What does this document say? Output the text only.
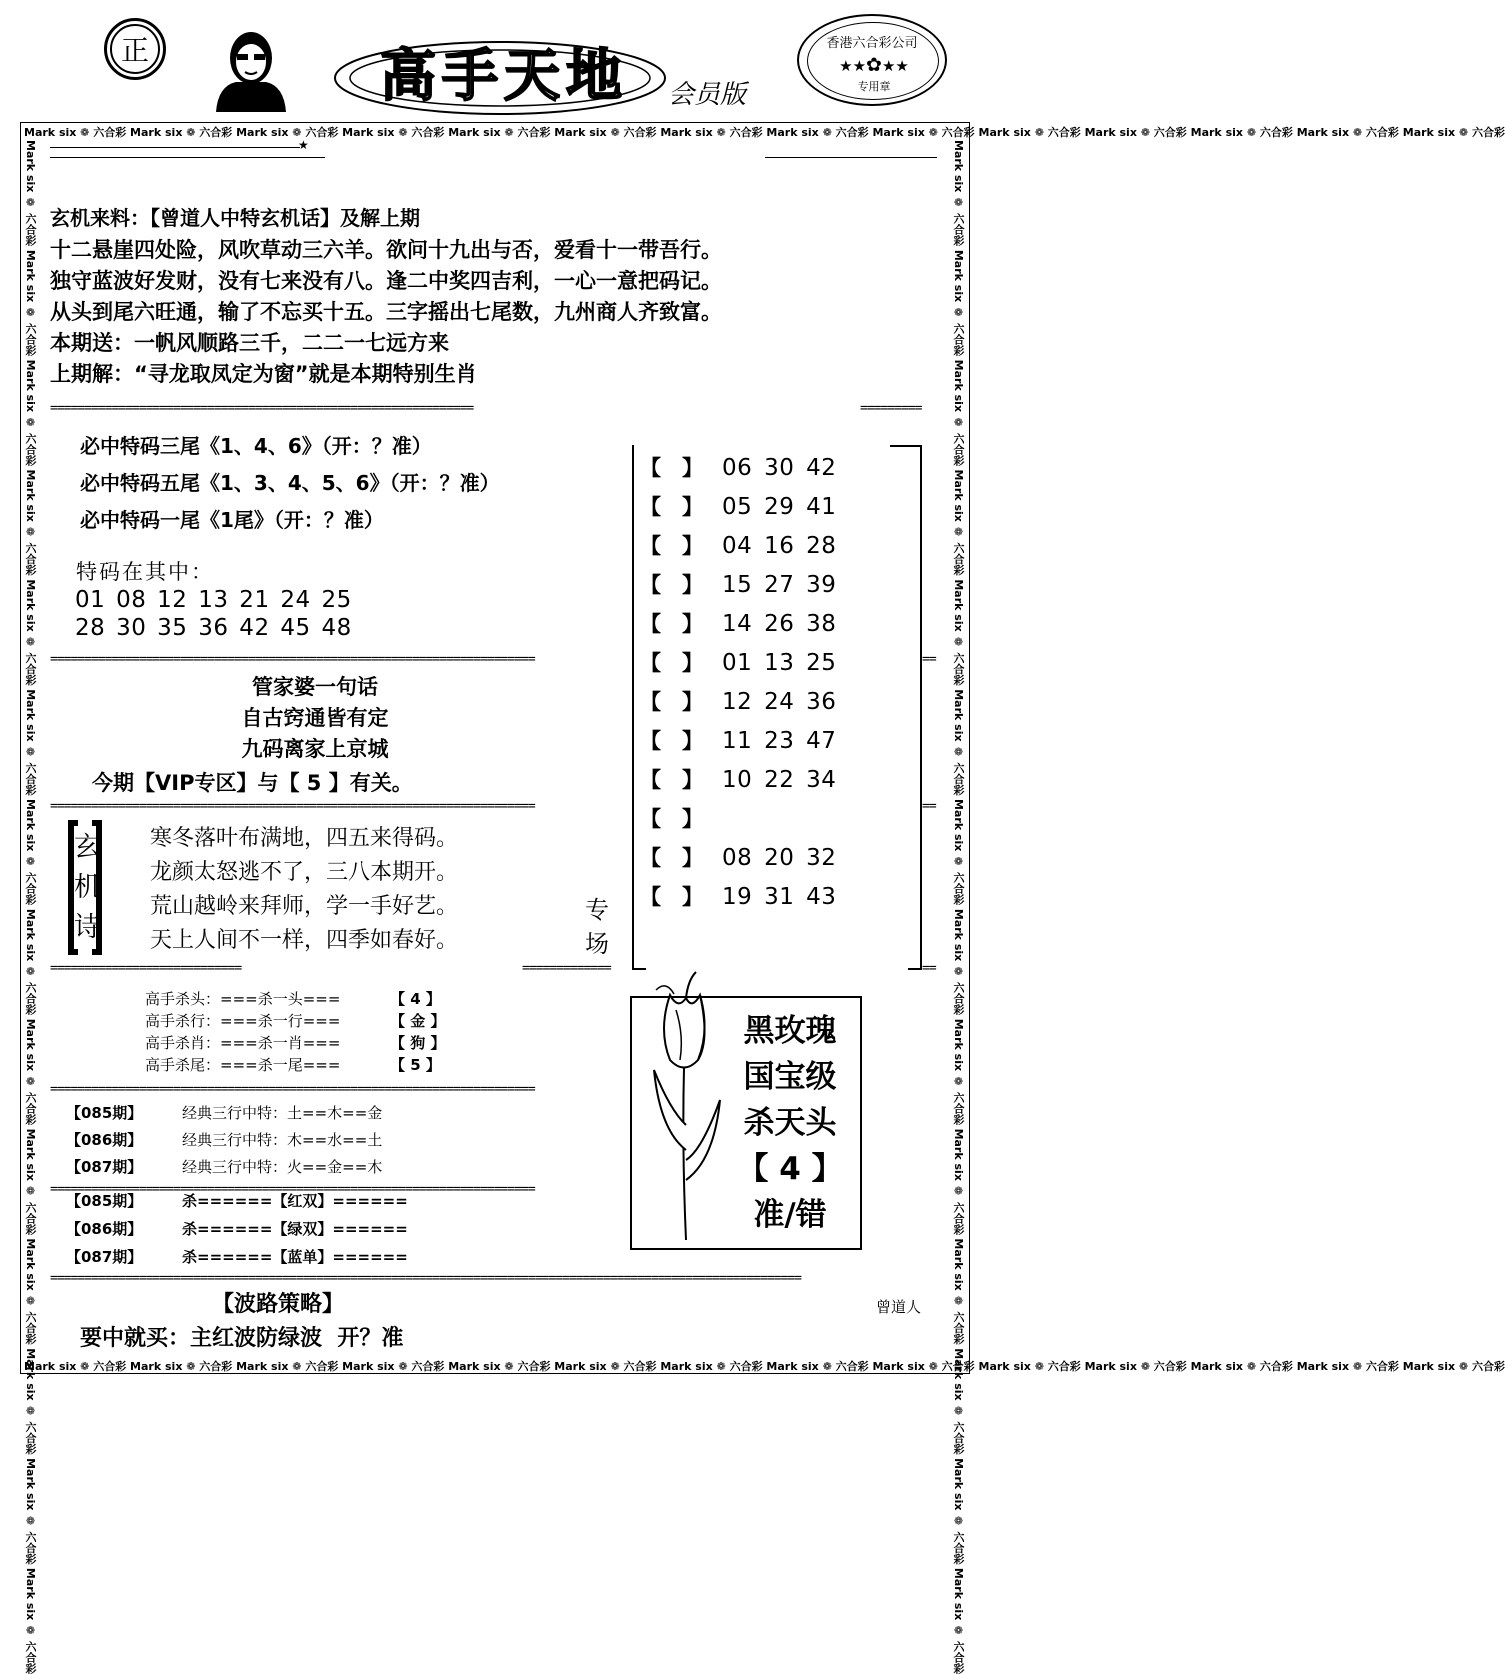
正	高手天地 会员版
香港六合彩公司
★★✿★★
专用章
Mark six ❁ 六合彩 Mark six ❁ 六合彩 Mark six ❁ 六合彩 Mark six ❁ 六合彩 Mark six ❁ 六合彩 Mark six ❁ 六合彩 Mark six ❁ 六合彩 Mark six ❁ 六合彩 Mark six ❁ 六合彩 Mark six ❁ 六合彩 Mark six ❁ 六合彩 Mark six ❁ 六合彩 Mark six ❁ 六合彩 Mark six ❁ 六合彩
Mark six ❁ 六合彩 Mark six ❁ 六合彩 Mark six ❁ 六合彩 Mark six ❁ 六合彩 Mark six ❁ 六合彩 Mark six ❁ 六合彩 Mark six ❁ 六合彩 Mark six ❁ 六合彩 Mark six ❁ 六合彩 Mark six ❁ 六合彩 Mark six ❁ 六合彩 Mark six ❁ 六合彩 Mark six ❁ 六合彩 Mark six ❁ 六合彩
Mark six ❁ 六合彩 Mark six ❁ 六合彩 Mark six ❁ 六合彩 Mark six ❁ 六合彩 Mark six ❁ 六合彩 Mark six ❁ 六合彩 Mark six ❁ 六合彩 Mark six ❁ 六合彩 Mark six ❁ 六合彩 Mark six ❁ 六合彩 Mark six ❁ 六合彩 Mark six ❁ 六合彩 Mark six ❁ 六合彩 Mark six ❁ 六合彩	Mark six ❁ 六合彩 Mark six ❁ 六合彩 Mark six ❁ 六合彩 Mark six ❁ 六合彩 Mark six ❁ 六合彩 Mark six ❁ 六合彩 Mark six ❁ 六合彩 Mark six ❁ 六合彩 Mark six ❁ 六合彩 Mark six ❁ 六合彩 Mark six ❁ 六合彩 Mark six ❁ 六合彩 Mark six ❁ 六合彩 Mark six ❁ 六合彩
★
玄机来料：【曾道人中特玄机话】及解上期
十二悬崖四处险，风吹草动三六羊。欲问十九出与否，爱看十一带吾行。
独守蓝波好发财，没有七来没有八。逢二中奖四吉利，一心一意把码记。
从头到尾六旺通，输了不忘买十五。三字摇出七尾数，九州商人齐致富。
本期送：一帆风顺路三千，二二一七远方来
上期解：“寻龙取凤定为窗”就是本期特别生肖
==============================================================	=========
必中特码三尾《1、4、6》（开：？准）
必中特码五尾《1、3、4、5、6》（开：？准）
必中特码一尾《1尾》（开：？准）
特码在其中：
01 08 12 13 21 24 25
28 30 35 36 42 45 48
=======================================================================	==
管家婆一句话
自古窍通皆有定
九码离家上京城
今期【VIP专区】与【 5 】有关。
=======================================================================	==
玄
机
诗
寒冬落叶布满地，四五来得码。
龙颜太怒逃不了，三八本期开。
荒山越岭来拜师，学一手好艺。
天上人间不一样，四季如春好。
专
场
============================	=============	==
【　】 06 30 42
【　】 05 29 41
【　】 04 16 28
【　】 15 27 39
【　】 14 26 38
【　】 01 13 25
【　】 12 24 36
【　】 11 23 47
【　】 10 22 34
【　】
【　】 08 20 32
【　】 19 31 43
高手杀头：===杀一头===	【 4 】
高手杀行：===杀一行===	【 金 】
高手杀肖：===杀一肖===	【 狗 】
高手杀尾：===杀一尾===	【 5 】
黑玫瑰
国宝级
杀天头
【 4 】
准/错
=======================================================================
【085期】	经典三行中特：土==木==金
【086期】	经典三行中特：木==水==土
【087期】	经典三行中特：火==金==木
=======================================================================
【085期】	杀======【红双】======
【086期】	杀======【绿双】======
【087期】	杀======【蓝单】======
==============================================================================================================
【波路策略】	曾道人
要中就买：主红波防绿波  开？准
